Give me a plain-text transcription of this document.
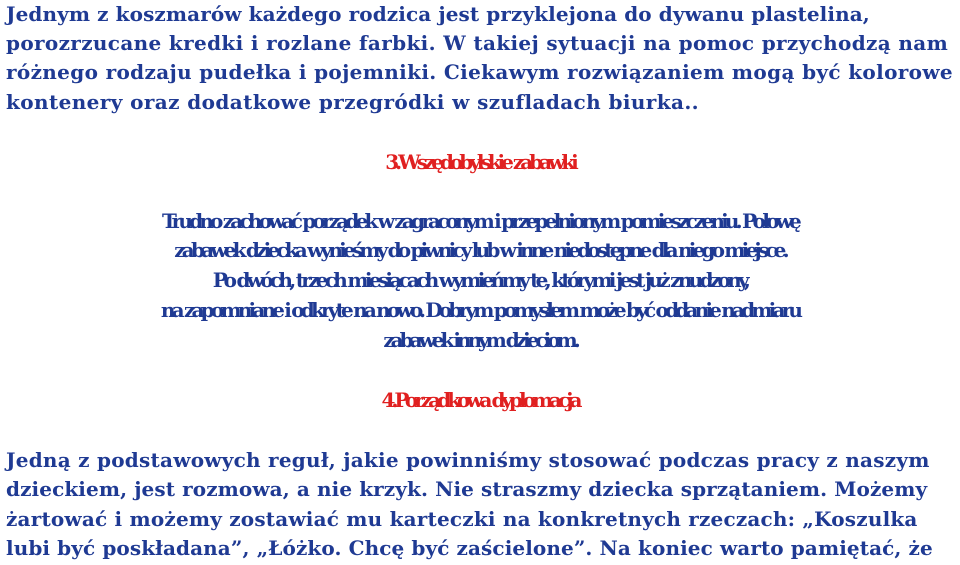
Jednym z koszmarów każdego rodzica jest przyklejona do dywanu plastelina,
porozrzucane kredki i rozlane farbki. W takiej sytuacji na pomoc przychodzą nam
różnego rodzaju pudełka i pojemniki. Ciekawym rozwiązaniem mogą być kolorowe
kontenery oraz dodatkowe przegródki w szufladach biurka..
3.Wszędobylskie zabawki
Trudno zachować porządek w zagraconym i przepełnionym pomieszczeniu. Połowę
zabawek dziecka wynieśmy do piwnicy lub w inne niedostępne dla niego miejsce.
Po dwóch, trzech miesiącach wymieńmy te, którymi jest już znudzony,
na zapomniane i odkryte na nowo. Dobrym pomysłem może być oddanie nadmiaru
zabawek innym dzieciom.
4.Porządkowa dyplomacja
Jedną z podstawowych reguł, jakie powinniśmy stosować podczas pracy z naszym
dzieckiem, jest rozmowa, a nie krzyk. Nie straszmy dziecka sprzątaniem. Możemy
żartować i możemy zostawiać mu karteczki na konkretnych rzeczach: „Koszulka
lubi być poskładana”, „Łóżko. Chcę być zaścielone”. Na koniec warto pamiętać, że
